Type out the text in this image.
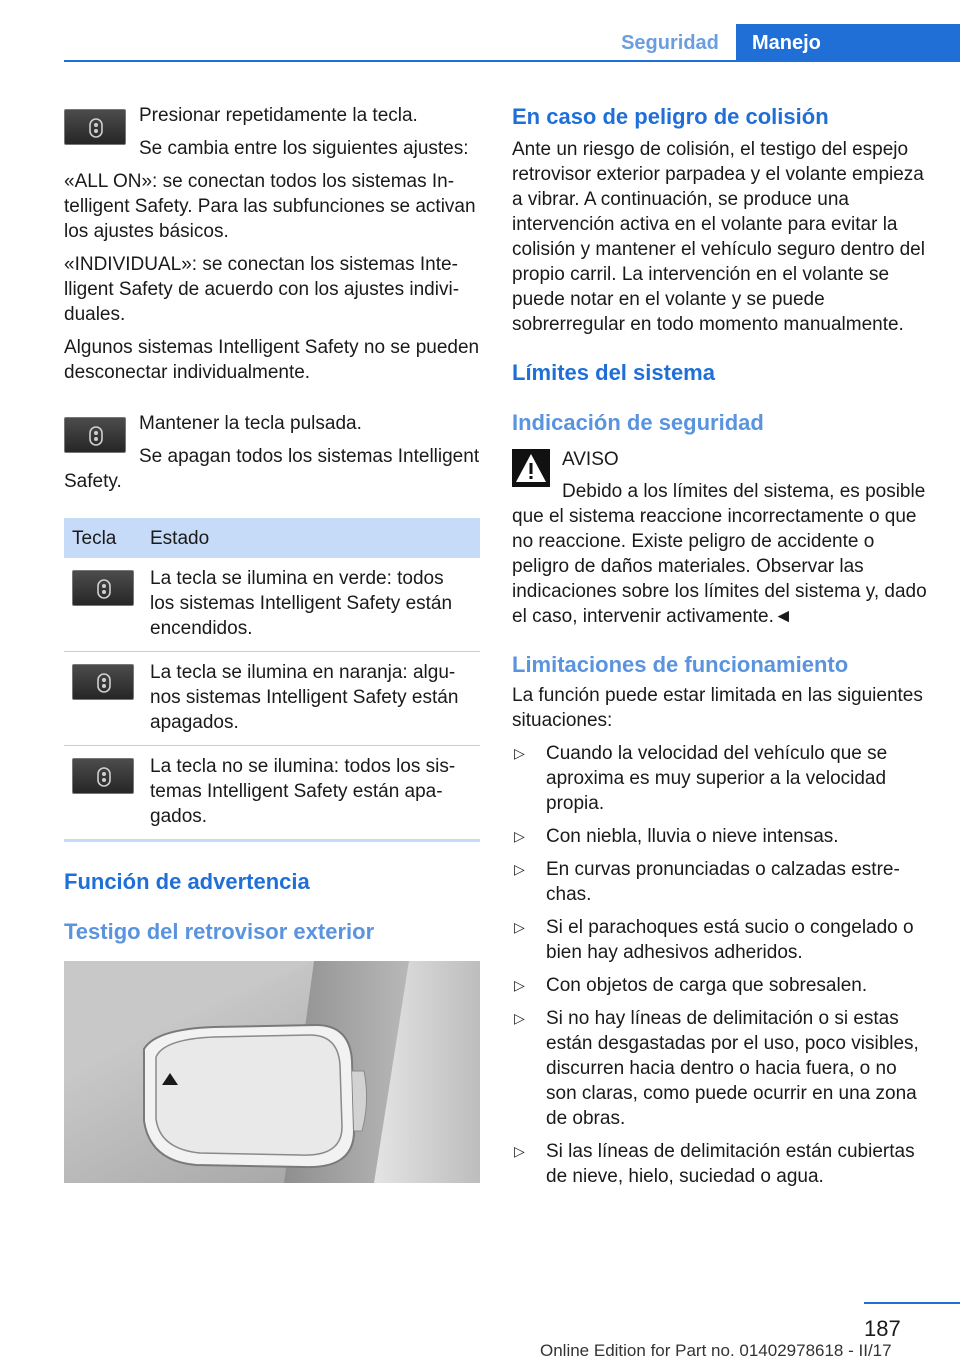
Seguridad	Manejo

Presionar repetidamente la tecla.

Se cambia entre los siguientes ajustes:

«ALL ON»: se conectan todos los sistemas Intelligent Safety. Para las subfunciones se activan los ajustes básicos.

«INDIVIDUAL»: se conectan los sistemas Intelligent Safety de acuerdo con los ajustes individuales.

Algunos sistemas Intelligent Safety no se pueden desconectar individualmente.

Mantener la tecla pulsada.

Se apagan todos los sistemas Intelligent Safety.

Tecla	Estado

	La tecla se ilumina en verde: todos los sistemas Intelligent Safety están encendidos.

	La tecla se ilumina en naranja: algunos sistemas Intelligent Safety están apagados.

	La tecla no se ilumina: todos los sistemas Intelligent Safety están apagados.

Función de advertencia

Testigo del retrovisor exterior

En caso de peligro de colisión

Ante un riesgo de colisión, el testigo del espejo retrovisor exterior parpadea y el volante empieza a vibrar. A continuación, se produce una intervención activa en el volante para evitar la colisión y mantener el vehículo seguro dentro del propio carril. La intervención en el volante se puede notar en el volante y se puede sobrerregular en todo momento manualmente.

Límites del sistema

Indicación de seguridad

AVISO

Debido a los límites del sistema, es posible que el sistema reaccione incorrectamente o que no reaccione. Existe peligro de accidente o peligro de daños materiales. Observar las indicaciones sobre los límites del sistema y, dado el caso, intervenir activamente.◄

Limitaciones de funcionamiento

La función puede estar limitada en las siguientes situaciones:

▷ Cuando la velocidad del vehículo que se aproxima es muy superior a la velocidad propia.
▷ Con niebla, lluvia o nieve intensas.
▷ En curvas pronunciadas o calzadas estrechas.
▷ Si el parachoques está sucio o congelado o bien hay adhesivos adheridos.
▷ Con objetos de carga que sobresalen.
▷ Si no hay líneas de delimitación o si estas están desgastadas por el uso, poco visibles, discurren hacia dentro o hacia fuera, o no son claras, como puede ocurrir en una zona de obras.
▷ Si las líneas de delimitación están cubiertas de nieve, hielo, suciedad o agua.
187
Online Edition for Part no. 01402978618 - II/17
